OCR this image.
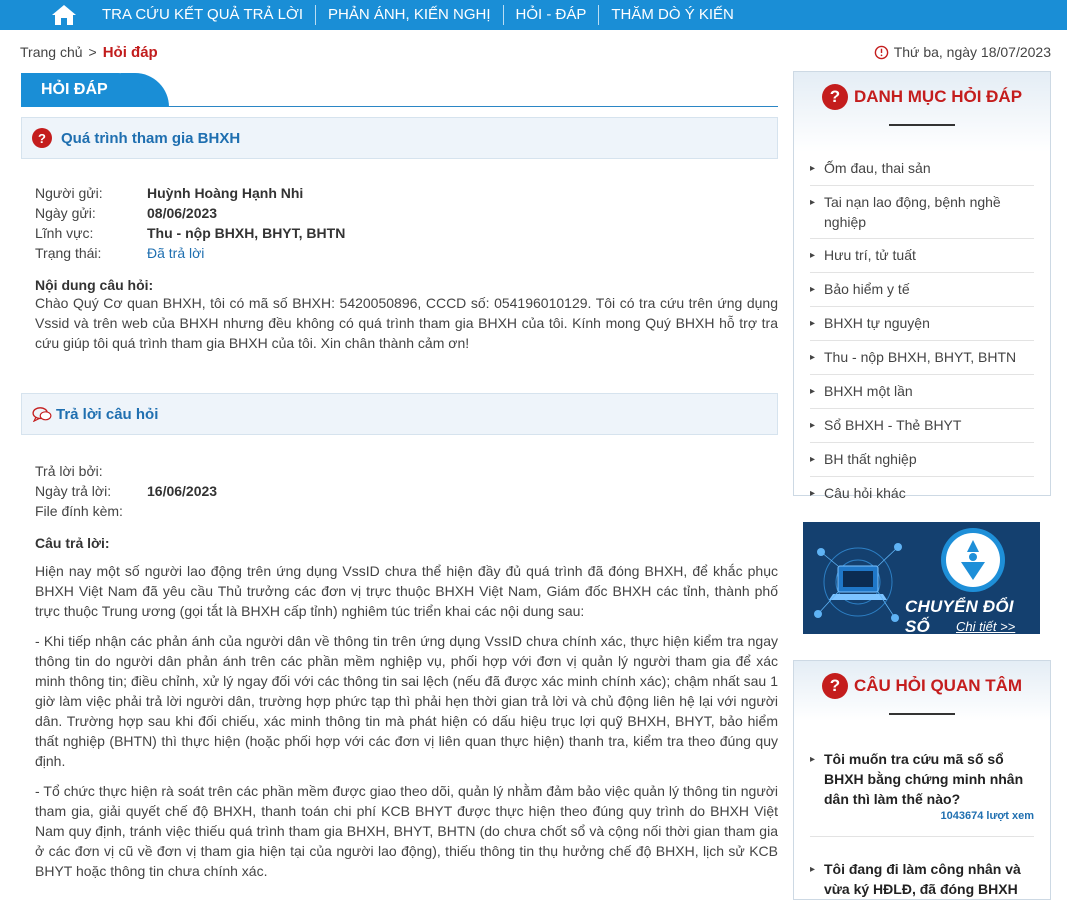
TRA CỨU KẾT QUẢ TRẢ LỜI	PHẢN ÁNH, KIẾN NGHỊ	HỎI - ĐÁP	THĂM DÒ Ý KIẾN
Trang chủ > Hỏi đáp	Thứ ba, ngày 18/07/2023
HỎI ĐÁP
?	Quá trình tham gia BHXH
Người gửi:	Huỳnh Hoàng Hạnh Nhi
Ngày gửi:	08/06/2023
Lĩnh vực:	Thu - nộp BHXH, BHYT, BHTN
Trạng thái:	Đã trả lời
Nội dung câu hỏi:
Chào Quý Cơ quan BHXH, tôi có mã số BHXH: 5420050896, CCCD số: 054196010129. Tôi có tra cứu trên ứng dụng Vssid và trên web của BHXH nhưng đều không có quá trình tham gia BHXH của tôi. Kính mong Quý BHXH hỗ trợ tra cứu giúp tôi quá trình tham gia BHXH của tôi. Xin chân thành cảm ơn!
Trả lời câu hỏi
Trả lời bởi:
Ngày trả lời:	16/06/2023
File đính kèm:
Câu trả lời:
Hiện nay một số người lao động trên ứng dụng VssID chưa thể hiện đầy đủ quá trình đã đóng BHXH, để khắc phục BHXH Việt Nam đã yêu cầu Thủ trưởng các đơn vị trực thuộc BHXH Việt Nam, Giám đốc BHXH các tỉnh, thành phố trực thuộc Trung ương (gọi tắt là BHXH cấp tỉnh) nghiêm túc triển khai các nội dung sau:
- Khi tiếp nhận các phản ánh của người dân về thông tin trên ứng dụng VssID chưa chính xác, thực hiện kiểm tra ngay thông tin do người dân phản ánh trên các phần mềm nghiệp vụ, phối hợp với đơn vị quản lý người tham gia để xác minh thông tin; điều chỉnh, xử lý ngay đối với các thông tin sai lệch (nếu đã được xác minh chính xác); chậm nhất sau 1 giờ làm việc phải trả lời người dân, trường hợp phức tạp thì phải hẹn thời gian trả lời và chủ động liên hệ lại với người dân. Trường hợp sau khi đối chiếu, xác minh thông tin mà phát hiện có dấu hiệu trục lợi quỹ BHXH, BHYT, bảo hiểm thất nghiệp (BHTN) thì thực hiện (hoặc phối hợp với các đơn vị liên quan thực hiện) thanh tra, kiểm tra theo đúng quy định.
- Tổ chức thực hiện rà soát trên các phần mềm được giao theo dõi, quản lý nhằm đảm bảo việc quản lý thông tin người tham gia, giải quyết chế độ BHXH, thanh toán chi phí KCB BHYT được thực hiện theo đúng quy trình do BHXH Việt Nam quy định, tránh việc thiếu quá trình tham gia BHXH, BHYT, BHTN (do chưa chốt sổ và cộng nối thời gian tham gia ở các đơn vị cũ về đơn vị tham gia hiện tại của người lao động), thiếu thông tin thụ hưởng chế độ BHXH, lịch sử KCB BHYT hoặc thông tin chưa chính xác.
? DANH MỤC HỎI ĐÁP
▸ Ốm đau, thai sản
▸ Tai nạn lao động, bệnh nghề nghiệp
▸ Hưu trí, tử tuất
▸ Bảo hiểm y tế
▸ BHXH tự nguyện
▸ Thu - nộp BHXH, BHYT, BHTN
▸ BHXH một lần
▸ Sổ BHXH - Thẻ BHYT
▸ BH thất nghiệp
▸ Câu hỏi khác
CHUYỂN ĐỔI SỐ	Chi tiết >>
? CÂU HỎI QUAN TÂM
▸ Tôi muốn tra cứu mã số sổ BHXH bằng chứng minh nhân dân thì làm thế nào?
1043674 lượt xem
▸ Tôi đang đi làm công nhân và vừa ký HĐLĐ, đã đóng BHXH
